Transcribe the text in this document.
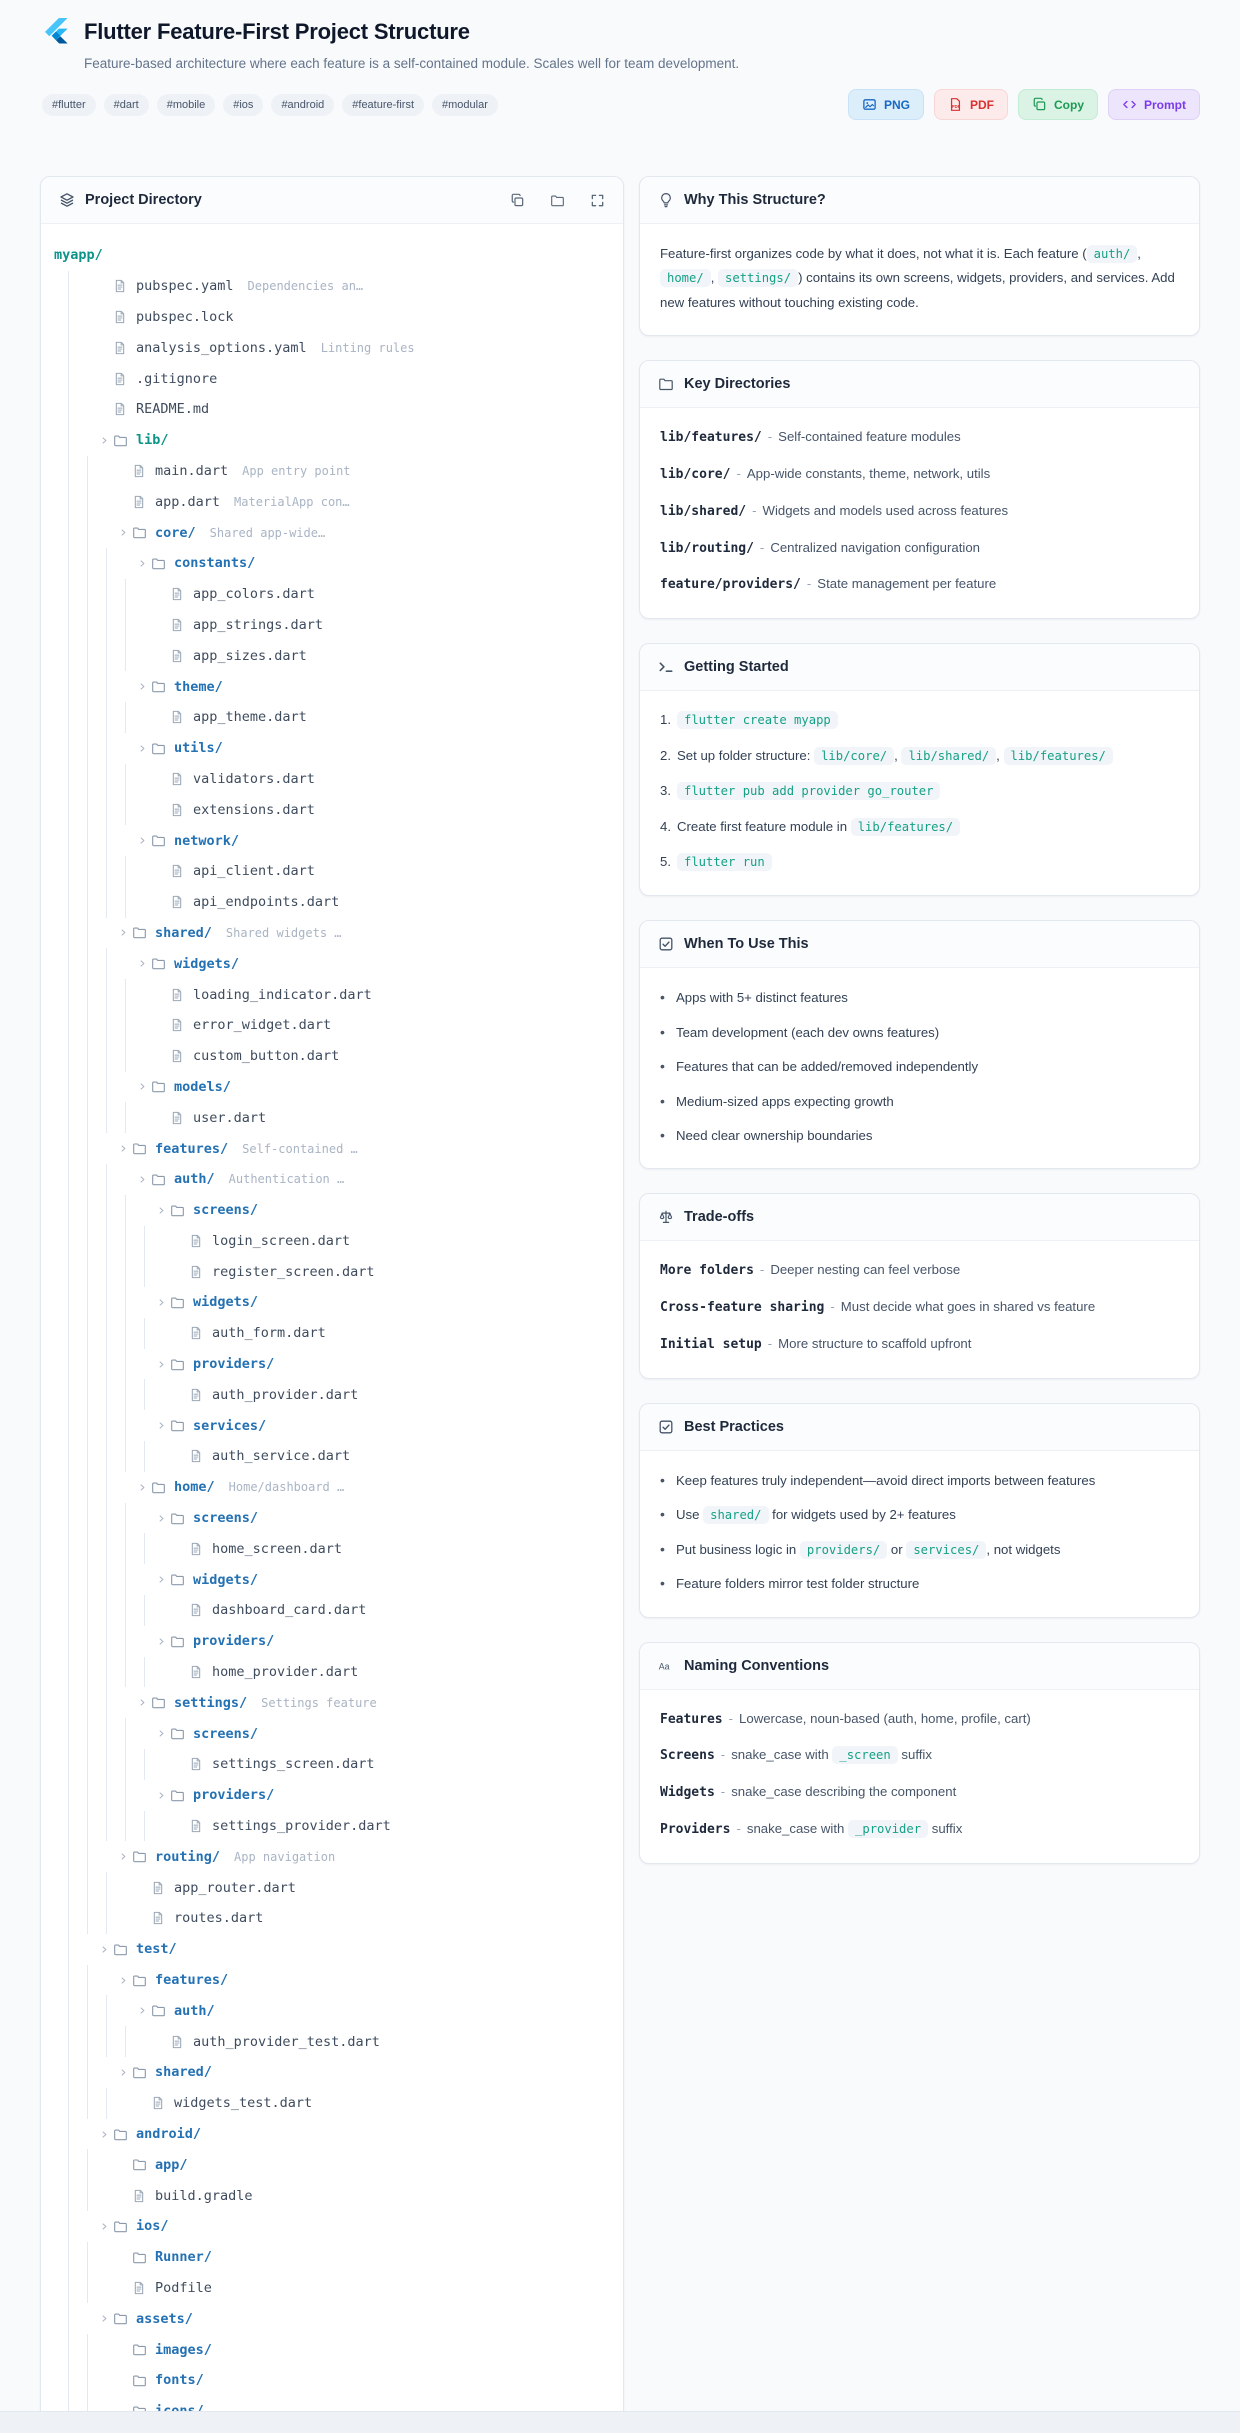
Flutter Feature-First Project Structure
Feature-based architecture where each feature is a self-contained module. Scales well for team development.
#flutter	#dart	#mobile	#ios	#android	#feature-first	#modular	PNG	PDF PDF	Copy	Prompt
Project Directory
myapp/
pubspec.yaml Dependencies an…
pubspec.lock
analysis_options.yaml Linting rules
.gitignore
README.md
lib/
main.dart App entry point
app.dart MaterialApp con…
core/ Shared app-wide…
constants/
app_colors.dart
app_strings.dart
app_sizes.dart
theme/
app_theme.dart
utils/
validators.dart
extensions.dart
network/
api_client.dart
api_endpoints.dart
shared/ Shared widgets …
widgets/
loading_indicator.dart
error_widget.dart
custom_button.dart
models/
user.dart
features/ Self-contained …
auth/ Authentication …
screens/
login_screen.dart
register_screen.dart
widgets/
auth_form.dart
providers/
auth_provider.dart
services/
auth_service.dart
home/ Home/dashboard …
screens/
home_screen.dart
widgets/
dashboard_card.dart
providers/
home_provider.dart
settings/ Settings feature
screens/
settings_screen.dart
providers/
settings_provider.dart
routing/ App navigation
app_router.dart
routes.dart
test/
features/
auth/
auth_provider_test.dart
shared/
widgets_test.dart
android/
app/
build.gradle
ios/
Runner/
Podfile
assets/
images/
fonts/
Why This Structure?

Feature-first organizes code by what it does, not what it is. Each feature ( auth/ , home/ , settings/ ) contains its own screens, widgets, providers, and services. Add new features without touching existing code.

Key Directories
lib/features/ - Self-contained feature modules
lib/core/ - App-wide constants, theme, network, utils
lib/shared/ - Widgets and models used across features
lib/routing/ - Centralized navigation configuration
feature/providers/ - State management per feature
Getting Started
1.	flutter create myapp
2. Set up folder structure: lib/core/ , lib/shared/ , lib/features/
3.	flutter pub add provider go_router
4. Create first feature module in lib/features/
5.	flutter run
When To Use This
• Apps with 5+ distinct features
• Team development (each dev owns features)
• Features that can be added/removed independently
• Medium-sized apps expecting growth
• Need clear ownership boundaries
Trade-offs
More folders - Deeper nesting can feel verbose
Cross-feature sharing - Must decide what goes in shared vs feature
Initial setup - More structure to scaffold upfront
Best Practices
• Keep features truly independent—avoid direct imports between features
• Use shared/ for widgets used by 2+ features
• Put business logic in providers/ or services/ , not widgets
• Feature folders mirror test folder structure
Aa Naming Conventions
Features - Lowercase, noun-based (auth, home, profile, cart)
Screens - snake_case with _screen suffix
Widgets - snake_case describing the component
Providers - snake_case with _provider suffix
